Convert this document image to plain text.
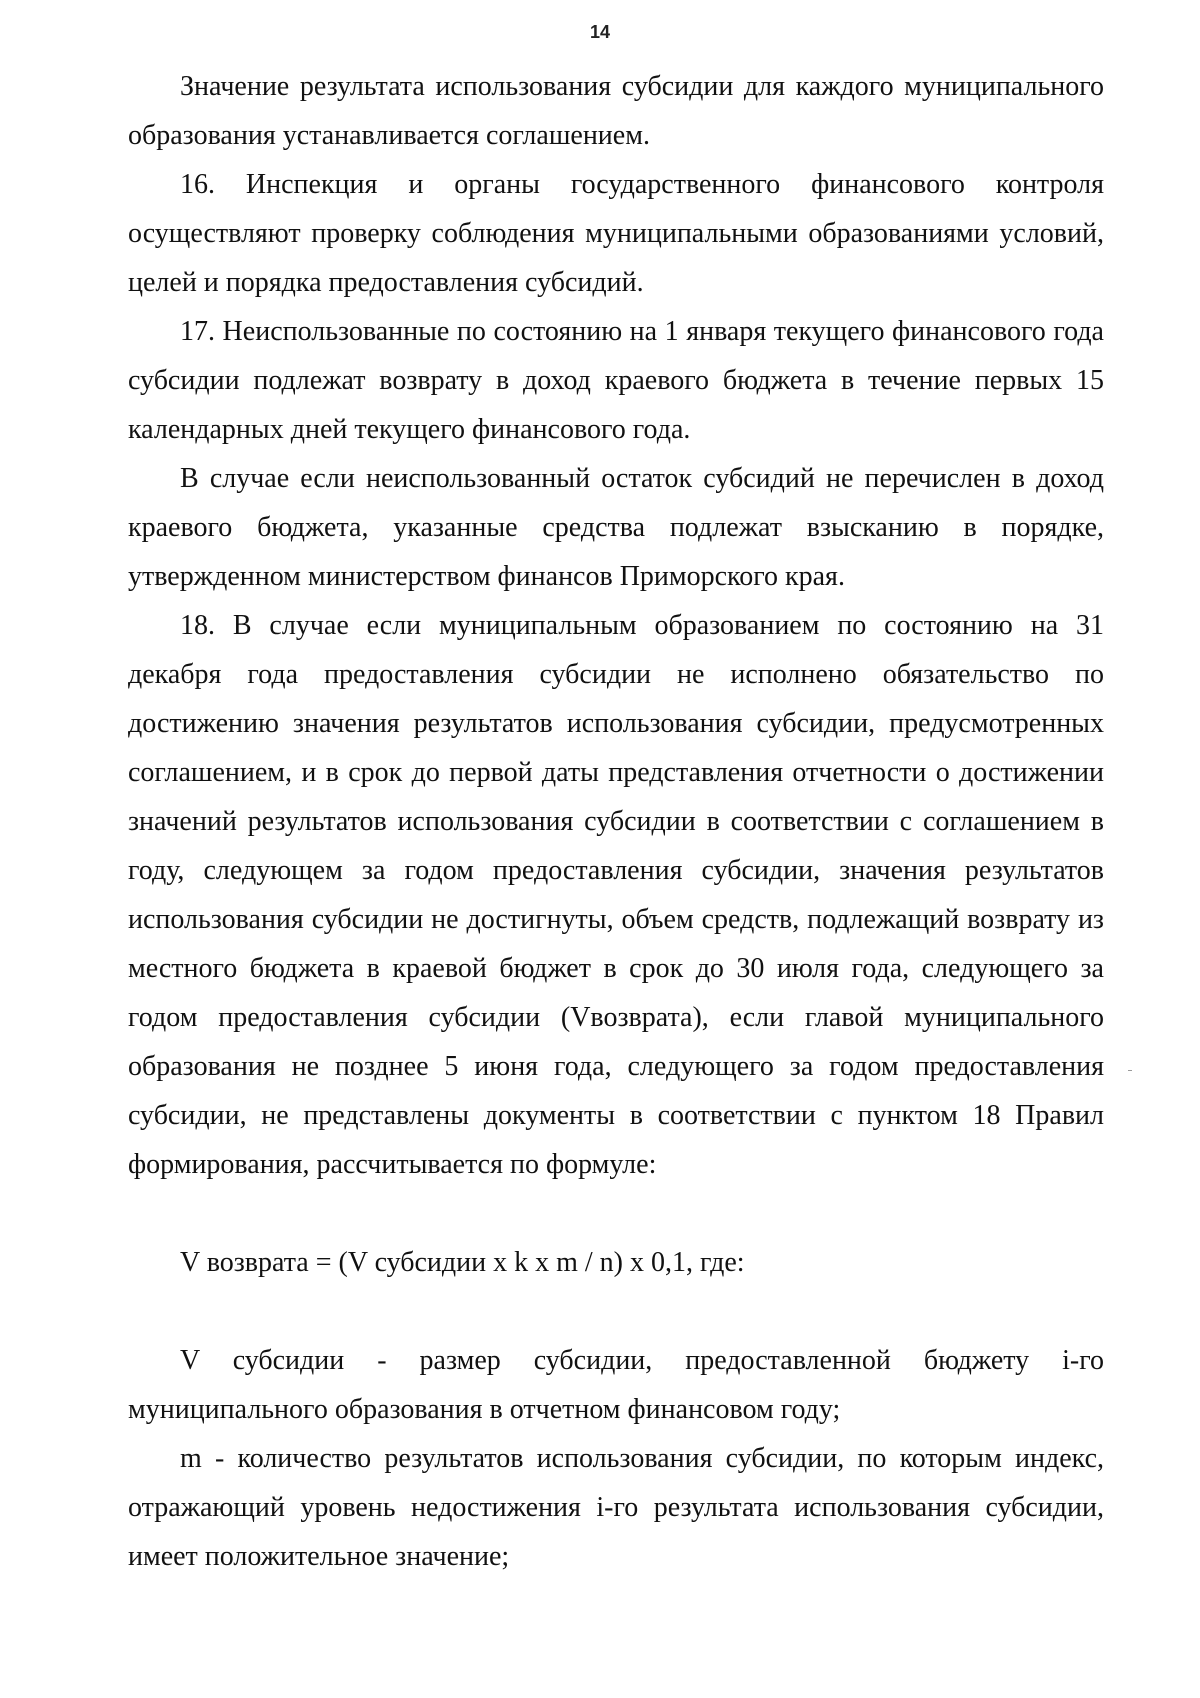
14

Значение результата использования субсидии для каждого муниципального образования устанавливается соглашением.

16. Инспекция и органы государственного финансового контроля осуществляют проверку соблюдения муниципальными образованиями условий, целей и порядка предоставления субсидий.

17. Неиспользованные по состоянию на 1 января текущего финансового года субсидии подлежат возврату в доход краевого бюджета в течение первых 15 календарных дней текущего финансового года.

В случае если неиспользованный остаток субсидий не перечислен в доход краевого бюджета, указанные средства подлежат взысканию в порядке, утвержденном министерством финансов Приморского края.

18. В случае если муниципальным образованием по состоянию на 31 декабря года предоставления субсидии не исполнено обязательство по достижению значения результатов использования субсидии, предусмотренных соглашением, и в срок до первой даты представления отчетности о достижении значений результатов использования субсидии в соответствии с соглашением в году, следующем за годом предоставления субсидии, значения результатов использования субсидии не достигнуты, объем средств, подлежащий возврату из местного бюджета в краевой бюджет в срок до 30 июля года, следующего за годом предоставления субсидии (Vвозврата), если главой муниципального образования не позднее 5 июня года, следующего за годом предоставления субсидии, не представлены документы в соответствии с пунктом 18 Правил формирования, рассчитывается по формуле:

V возврата = (V субсидии x k x m / n) x 0,1, где:

V субсидии - размер субсидии, предоставленной бюджету i-го муниципального образования в отчетном финансовом году;

m - количество результатов использования субсидии, по которым индекс, отражающий уровень недостижения i-го результата использования субсидии, имеет положительное значение;
